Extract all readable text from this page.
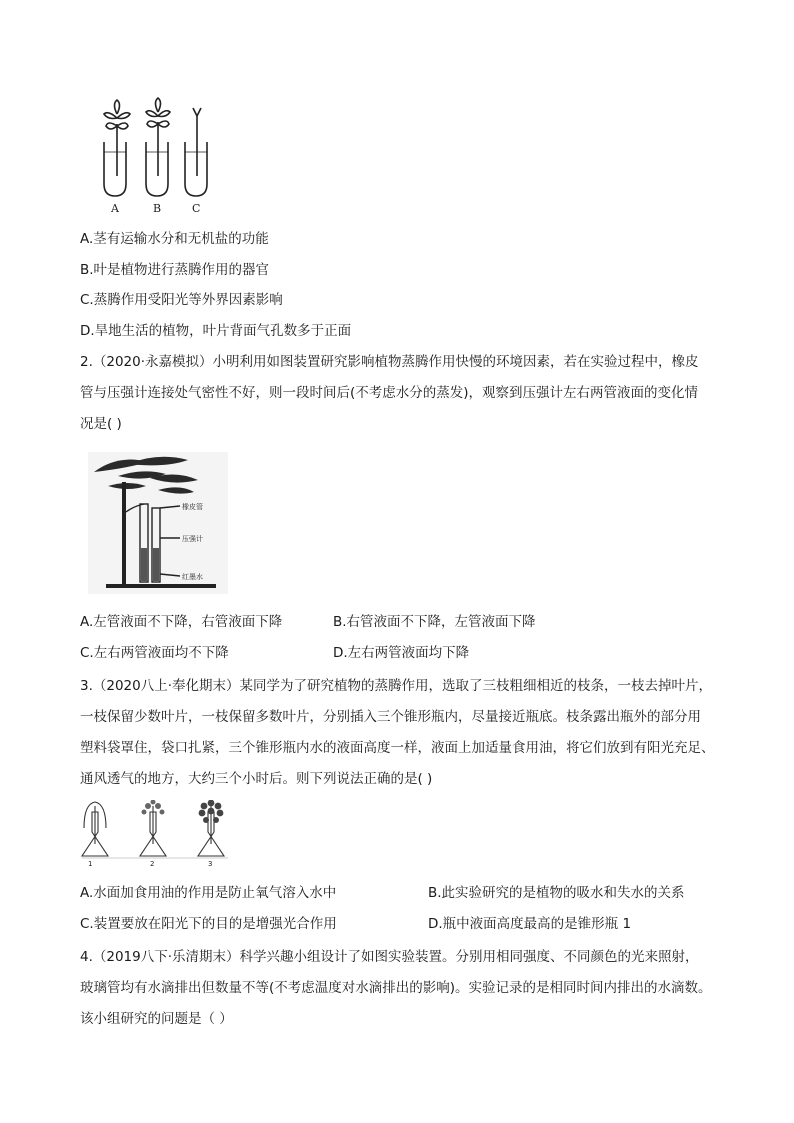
A	B	C
A.茎有运输水分和无机盐的功能
B.叶是植物进行蒸腾作用的器官
C.蒸腾作用受阳光等外界因素影响
D.旱地生活的植物，叶片背面气孔数多于正面
2.（2020·永嘉模拟）小明利用如图装置研究影响植物蒸腾作用快慢的环境因素，若在实验过程中，橡皮
管与压强计连接处气密性不好，则一段时间后(不考虑水分的蒸发)，观察到压强计左右两管液面的变化情
况是( )
橡皮管
压强计
红墨水
A.左管液面不下降，右管液面下降	B.右管液面不下降，左管液面下降
C.左右两管液面均不下降	D.左右两管液面均下降
3.（2020八上·奉化期末）某同学为了研究植物的蒸腾作用，选取了三枝粗细相近的枝条，一枝去掉叶片，
一枝保留少数叶片，一枝保留多数叶片，分别插入三个锥形瓶内，尽量接近瓶底。枝条露出瓶外的部分用
塑料袋罩住，袋口扎紧，三个锥形瓶内水的液面高度一样，液面上加适量食用油，将它们放到有阳光充足、
通风透气的地方，大约三个小时后。则下列说法正确的是( )
1	2	3
A.水面加食用油的作用是防止氧气溶入水中	B.此实验研究的是植物的吸水和失水的关系
C.装置要放在阳光下的目的是增强光合作用	D.瓶中液面高度最高的是锥形瓶 1
4.（2019八下·乐清期末）科学兴趣小组设计了如图实验装置。分别用相同强度、不同颜色的光来照射，
玻璃管均有水滴排出但数量不等(不考虑温度对水滴排出的影响)。实验记录的是相同时间内排出的水滴数。
该小组研究的问题是（ ）
